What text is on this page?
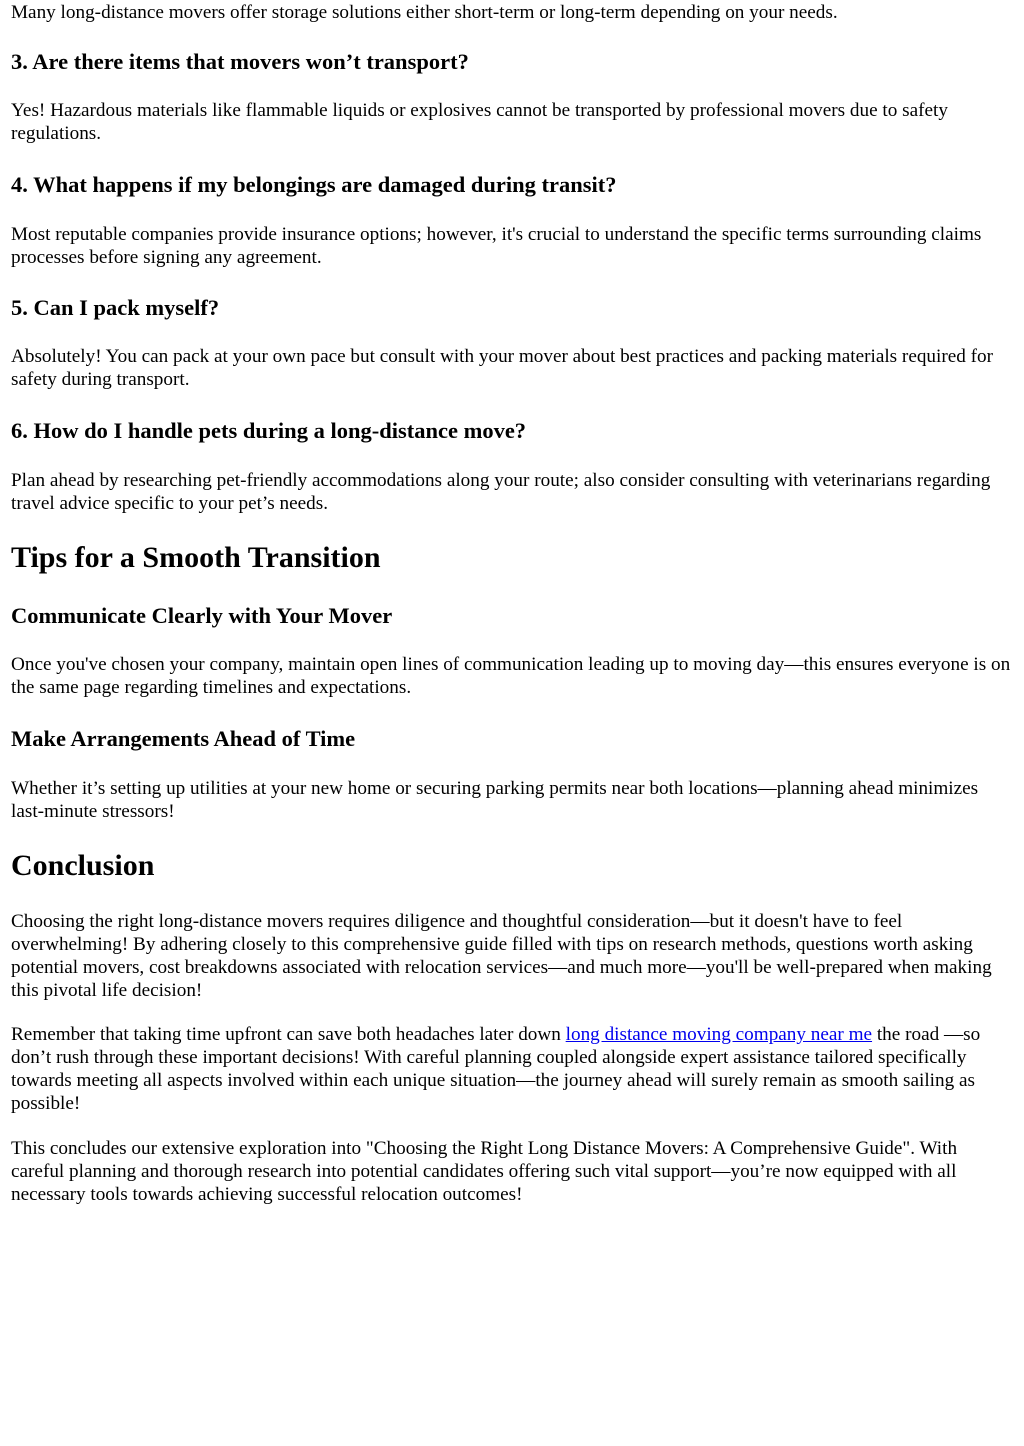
Many long-distance movers offer storage solutions either short-term or long-term depending on your needs.

3. Are there items that movers won’t transport?

Yes! Hazardous materials like flammable liquids or explosives cannot be transported by professional movers due to safety regulations.

4. What happens if my belongings are damaged during transit?

Most reputable companies provide insurance options; however, it's crucial to understand the specific terms surrounding claims processes before signing any agreement.

5. Can I pack myself?

Absolutely! You can pack at your own pace but consult with your mover about best practices and packing materials required for safety during transport.

6. How do I handle pets during a long-distance move?

Plan ahead by researching pet-friendly accommodations along your route; also consider consulting with veterinarians regarding travel advice specific to your pet’s needs.

Tips for a Smooth Transition
Communicate Clearly with Your Mover

Once you've chosen your company, maintain open lines of communication leading up to moving day—this ensures everyone is on the same page regarding timelines and expectations.

Make Arrangements Ahead of Time

Whether it’s setting up utilities at your new home or securing parking permits near both locations—planning ahead minimizes last-minute stressors!

Conclusion

Choosing the right long-distance movers requires diligence and thoughtful consideration—but it doesn't have to feel overwhelming! By adhering closely to this comprehensive guide filled with tips on research methods, questions worth asking potential movers, cost breakdowns associated with relocation services—and much more—you'll be well-prepared when making this pivotal life decision!

Remember that taking time upfront can save both headaches later down long distance moving company near me the road —so don’t rush through these important decisions! With careful planning coupled alongside expert assistance tailored specifically towards meeting all aspects involved within each unique situation—the journey ahead will surely remain as smooth sailing as possible!

This concludes our extensive exploration into "Choosing the Right Long Distance Movers: A Comprehensive Guide". With careful planning and thorough research into potential candidates offering such vital support—you’re now equipped with all necessary tools towards achieving successful relocation outcomes!
